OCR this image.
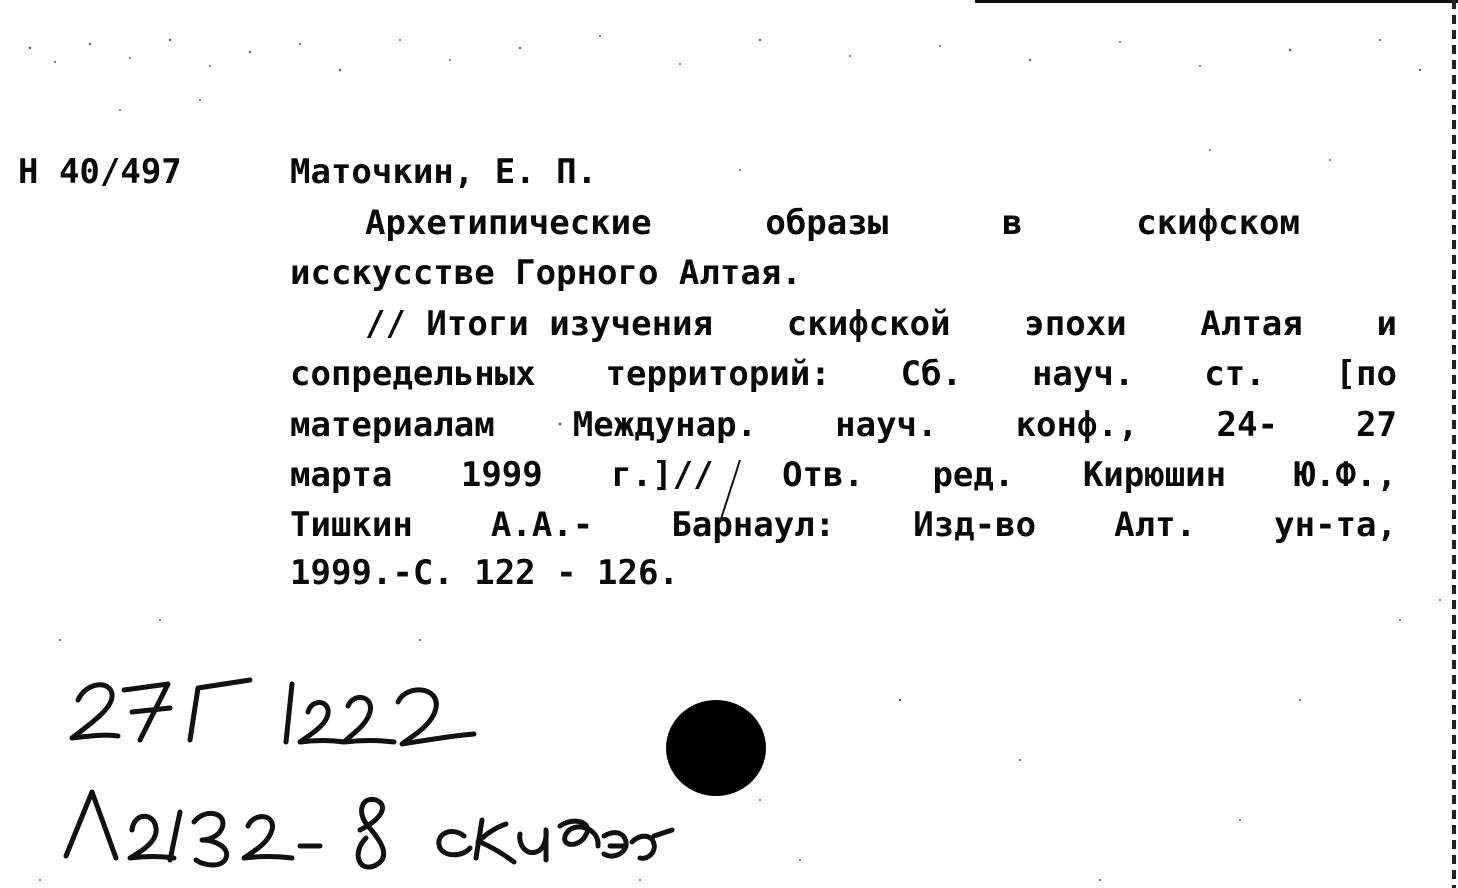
Н 40/497	Маточкин, Е. П.
Архетипические	образы	в	скифском
исскусстве Горного Алтая.
// Итоги изучения скифской эпохи Алтая и
сопредельных территорий: Сб. науч. ст. [по
материалам Междунар. науч. конф., 24- 27
марта 1999 г.]// Отв. ред. Кирюшин Ю.Ф.,
Тишкин А.А.- Барнаул: Изд-во Алт. ун-та,
1999.-С. 122 - 126.
